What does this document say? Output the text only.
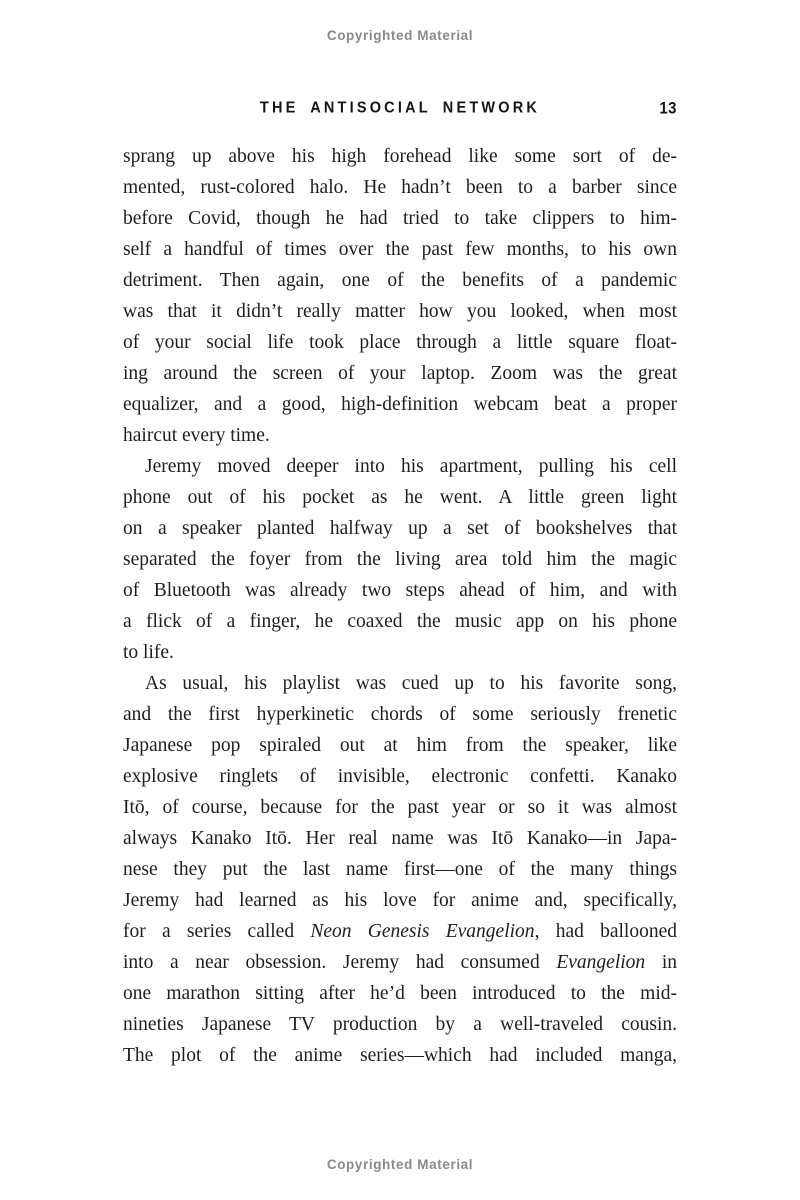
Copyrighted Material
THE ANTISOCIAL NETWORK	13
sprang up above his high forehead like some sort of de-
mented, rust-colored halo. He hadn’t been to a barber since
before Covid, though he had tried to take clippers to him-
self a handful of times over the past few months, to his own
detriment. Then again, one of the benefits of a pandemic
was that it didn’t really matter how you looked, when most
of your social life took place through a little square float-
ing around the screen of your laptop. Zoom was the great
equalizer, and a good, high-definition webcam beat a proper
haircut every time.
Jeremy moved deeper into his apartment, pulling his cell
phone out of his pocket as he went. A little green light
on a speaker planted halfway up a set of bookshelves that
separated the foyer from the living area told him the magic
of Bluetooth was already two steps ahead of him, and with
a flick of a finger, he coaxed the music app on his phone
to life.
As usual, his playlist was cued up to his favorite song,
and the first hyperkinetic chords of some seriously frenetic
Japanese pop spiraled out at him from the speaker, like
explosive ringlets of invisible, electronic confetti. Kanako
Itō, of course, because for the past year or so it was almost
always Kanako Itō. Her real name was Itō Kanako—in Japa-
nese they put the last name first—one of the many things
Jeremy had learned as his love for anime and, specifically,
for a series called Neon Genesis Evangelion, had ballooned
into a near obsession. Jeremy had consumed Evangelion in
one marathon sitting after he’d been introduced to the mid-
nineties Japanese TV production by a well-traveled cousin.
The plot of the anime series—which had included manga,
Copyrighted Material
